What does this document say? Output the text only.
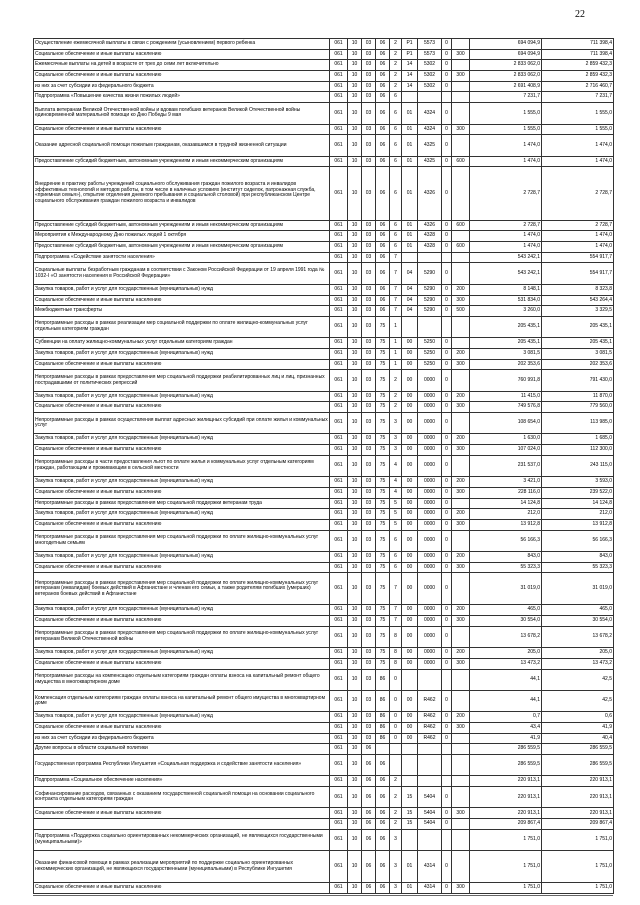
22
Осуществление ежемесячной выплаты в связи с рождением (усыновлением) первого ребенка	061	10	03	06	2	P1	5573	0		694 094,9	711 398,4
Социальное обеспечение и иные выплаты населению	061	10	03	06	2	P1	5573	0	300	694 094,9	711 398,4
Ежемесячные выплаты на детей в возрасте от трех до семи лет включительно	061	10	03	06	2	14	5302	0		2 833 062,0	2 859 432,3
Социальное обеспечение и иные выплаты населению	061	10	03	06	2	14	5302	0	300	2 833 062,0	2 859 432,3
из них за счет субсидии из федерального бюджета	061	10	03	06	2	14	5302	0		2 691 408,9	2 716 460,7
Подпрограмма «Повышение качества жизни пожилых людей»	061	10	03	06	6					7 231,7	7 231,7
Выплата ветеранам Великой Отечественной войны и вдовам погибших ветеранов Великой Отечественной войны единовременной материальной помощи ко Дню Победы 9 мая	061	10	03	06	6	01	4324	0		1 555,0	1 555,0
Социальное обеспечение и иные выплаты населению	061	10	03	06	6	01	4324	0	300	1 555,0	1 555,0
Оказание адресной социальной помощи пожилым гражданам, оказавшимся в трудной жизненной ситуации	061	10	03	06	6	01	4325	0		1 474,0	1 474,0
Предоставление субсидий бюджетным, автономным учреждениям и иным некоммерческим организациям	061	10	03	06	6	01	4325	0	600	1 474,0	1 474,0
Внедрение в практику работы учреждений социального обслуживания граждан пожилого возраста и инвалидов эффективных технологий и методов работы, в том числе в наличных условиях (институт сиделок, патронажная служба, «приемная семья»), открытие отделения дневного пребывания и социальной столовой) при республиканском Центре социального обслуживания граждан пожилого возраста и инвалидов	061	10	03	06	6	01	4326	0		2 728,7	2 728,7
Предоставление субсидий бюджетным, автономным учреждениям и иным некоммерческим организациям	061	10	03	06	6	01	4326	0	600	2 728,7	2 728,7
Мероприятия к Международному Дню пожилых людей 1 октября	061	10	03	06	6	01	4328	0		1 474,0	1 474,0
Предоставление субсидий бюджетным, автономным учреждениям и иным некоммерческим организациям	061	10	03	06	6	01	4328	0	600	1 474,0	1 474,0
Подпрограмма «Содействие занятости населения»	061	10	03	06	7					543 242,1	554 917,7
Социальные выплаты безработным гражданам в соответствии с Законом Российской Федерации от 19 апреля 1991 года № 1032-I «О занятости населения в Российской Федерации»	061	10	03	06	7	04	5290	0		543 242,1	554 917,7
Закупка товаров, работ и услуг для государственных (муниципальных) нужд	061	10	03	06	7	04	5290	0	200	8 148,1	8 323,8
Социальное обеспечение и иные выплаты населению	061	10	03	06	7	04	5290	0	300	531 834,0	543 264,4
Межбюджетные трансферты	061	10	03	06	7	04	5290	0	500	3 260,0	3 329,5
Непрограммные расходы в рамках реализации мер социальной поддержки по оплате жилищно-коммунальных услуг отдельным категориям граждан	061	10	03	75	1					205 435,1	205 435,1
Субвенции на оплату жилищно-коммунальных услуг отдельным категориям граждан	061	10	03	75	1	00	5250	0		205 435,1	205 435,1
Закупка товаров, работ и услуг для государственных (муниципальных) нужд	061	10	03	75	1	00	5250	0	200	3 081,5	3 081,5
Социальное обеспечение и иные выплаты населению	061	10	03	75	1	00	5250	0	300	202 353,6	202 353,6
Непрограммные расходы в рамках предоставления мер социальной поддержки реабилитированных лиц и лиц, признанных пострадавшими от политических репрессий	061	10	03	75	2	00	0000	0		760 991,8	791 430,0
Закупка товаров, работ и услуг для государственных (муниципальных) нужд	061	10	03	75	2	00	0000	0	200	11 415,0	11 870,0
Социальное обеспечение и иные выплаты населению	061	10	03	75	2	00	0000	0	300	749 576,8	779 560,0
Непрограммные расходы в рамках осуществления выплат адресных жилищных субсидий при оплате жилья и коммунальных услуг	061	10	03	75	3	00	0000	0		108 654,0	113 985,0
Закупка товаров, работ и услуг для государственных (муниципальных) нужд	061	10	03	75	3	00	0000	0	200	1 630,0	1 685,0
Социальное обеспечение и иные выплаты населению	061	10	03	75	3	00	0000	0	300	107 024,0	112 300,0
Непрограммные расходы в части предоставления льгот по оплате жилья и коммунальных услуг отдельным категориям граждан, работающим и проживающим в сельской местности	061	10	03	75	4	00	0000	0		231 537,0	243 115,0
Закупка товаров, работ и услуг для государственных (муниципальных) нужд	061	10	03	75	4	00	0000	0	200	3 421,0	3 593,0
Социальное обеспечение и иные выплаты населению	061	10	03	75	4	00	0000	0	300	228 116,0	239 522,0
Непрограммные расходы в рамках предоставления мер социальной поддержки ветеранам труда	061	10	03	75	5	00	0000	0		14 124,8	14 124,8
Закупка товаров, работ и услуг для государственных (муниципальных) нужд	061	10	03	75	5	00	0000	0	200	212,0	212,0
Социальное обеспечение и иные выплаты населению	061	10	03	75	5	00	0000	0	300	13 912,8	13 912,8
Непрограммные расходы в рамках предоставления мер социальной поддержки по оплате жилищно-коммунальных услуг многодетным семьям	061	10	03	75	6	00	0000	0		56 166,3	56 166,3
Закупка товаров, работ и услуг для государственных (муниципальных) нужд	061	10	03	75	6	00	0000	0	200	843,0	843,0
Социальное обеспечение и иные выплаты населению	061	10	03	75	6	00	0000	0	300	55 323,3	55 323,3
Непрограммные расходы в рамках предоставления мер социальной поддержки по оплате жилищно-коммунальных услуг ветеранам (инвалидам) боевых действий в Афганистане и членам его семьи, а также родителям погибших (умерших) ветеранов боевых действий в Афганистане	061	10	03	75	7	00	0000	0		31 019,0	31 019,0
Закупка товаров, работ и услуг для государственных (муниципальных) нужд	061	10	03	75	7	00	0000	0	200	465,0	465,0
Социальное обеспечение и иные выплаты населению	061	10	03	75	7	00	0000	0	300	30 554,0	30 554,0
Непрограммные расходы в рамках предоставления мер социальной поддержки по оплате жилищно-коммунальных услуг ветеранам Великой Отечественной войны	061	10	03	75	8	00	0000	0		13 678,2	13 678,2
Закупка товаров, работ и услуг для государственных (муниципальных) нужд	061	10	03	75	8	00	0000	0	200	205,0	205,0
Социальное обеспечение и иные выплаты населению	061	10	03	75	8	00	0000	0	300	13 473,2	13 473,2
Непрограммные расходы на компенсацию отдельным категориям граждан оплаты взноса на капитальный ремонт общего имущества в многоквартирном доме	061	10	03	86	0					44,1	42,5
Компенсация отдельным категориям граждан оплаты взноса на капитальный ремонт общего имущества в многоквартирном доме	061	10	03	86	0	00	R462	0		44,1	42,5
Закупка товаров, работ и услуг для государственных (муниципальных) нужд	061	10	03	86	0	00	R462	0	200	0,7	0,6
Социальное обеспечение и иные выплаты населению	061	10	03	86	0	00	R462	0	300	43,4	41,9
из них за счет субсидии из федерального бюджета	061	10	03	86	0	00	R462	0		41,9	40,4
Другие вопросы в области социальной политики	061	10	06							286 559,5	286 559,5
Государственная программа Республики Ингушетия «Социальная поддержка и содействие занятости населения»	061	10	06	06						286 559,5	286 559,5
Подпрограмма «Социальное обеспечение населения»	061	10	06	06	2					220 913,1	220 913,1
Софинансирование расходов, связанных с оказанием государственной социальной помощи на основании социального контракта отдельным категориям граждан	061	10	06	06	2	15	5404	0		220 913,1	220 913,1
Социальное обеспечение и иные выплаты населению	061	10	06	06	2	15	5404	0	300	220 913,1	220 913,1
	061	10	06	06	2	15	5404	0		209 867,4	209 867,4
Подпрограмма «Поддержка социально ориентированных некоммерческих организаций, не являющихся государственными (муниципальными)»	061	10	06	06	3					1 751,0	1 751,0
Оказание финансовой помощи в рамках реализации мероприятий по поддержке социально ориентированных некоммерческих организаций, не являющихся государственными (муниципальными) в Республике Ингушетия	061	10	06	06	3	01	4314	0		1 751,0	1 751,0
Социальное обеспечение и иные выплаты населению	061	10	06	06	3	01	4314	0	300	1 751,0	1 751,0
